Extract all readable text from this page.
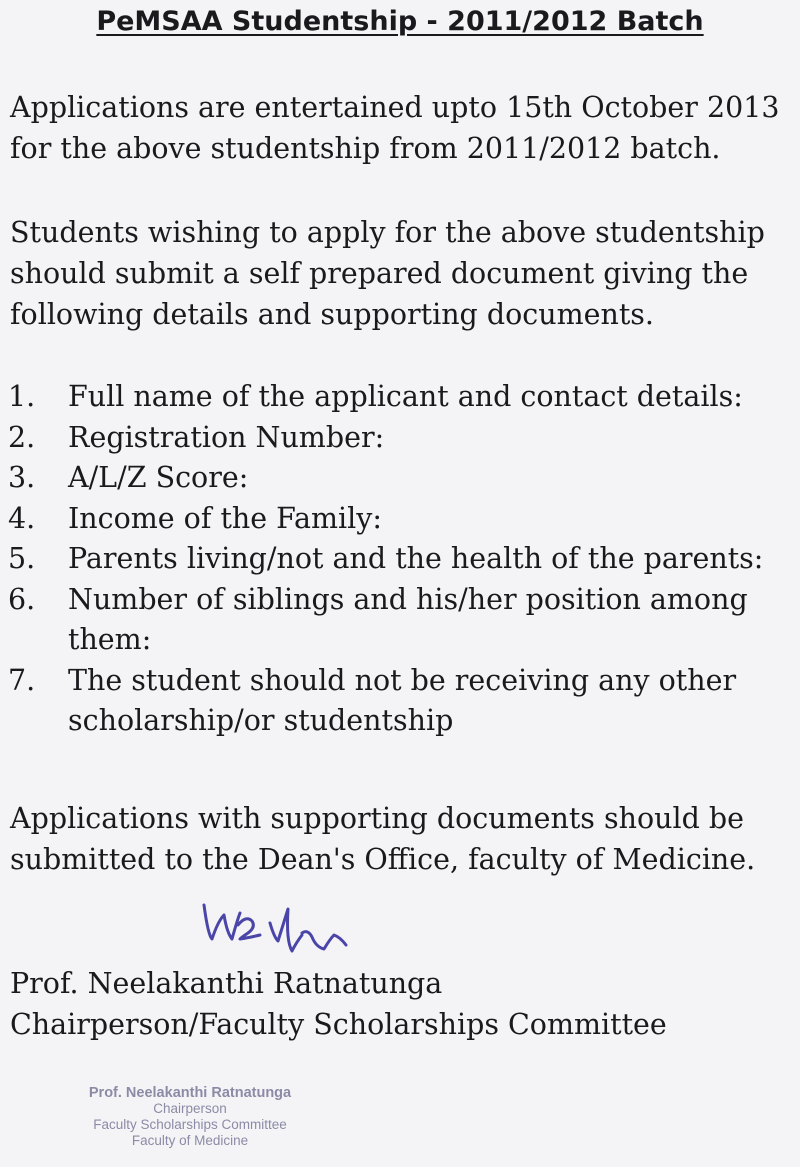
PeMSAA Studentship - 2011/2012 Batch

Applications are entertained upto 15th October 2013
for the above studentship from 2011/2012 batch.

Students wishing to apply for the above studentship
should submit a self prepared document giving the
following details and supporting documents.

1. Full name of the applicant and contact details:
2. Registration Number:
3. A/L/Z Score:
4. Income of the Family:
5. Parents living/not and the health of the parents:
6. Number of siblings and his/her position among
them:
7. The student should not be receiving any other
scholarship/or studentship

Applications with supporting documents should be
submitted to the Dean's Office, faculty of Medicine.

Prof. Neelakanthi Ratnatunga
Chairperson/Faculty Scholarships Committee

Prof. Neelakanthi Ratnatunga
Chairperson
Faculty Scholarships Committee
Faculty of Medicine
